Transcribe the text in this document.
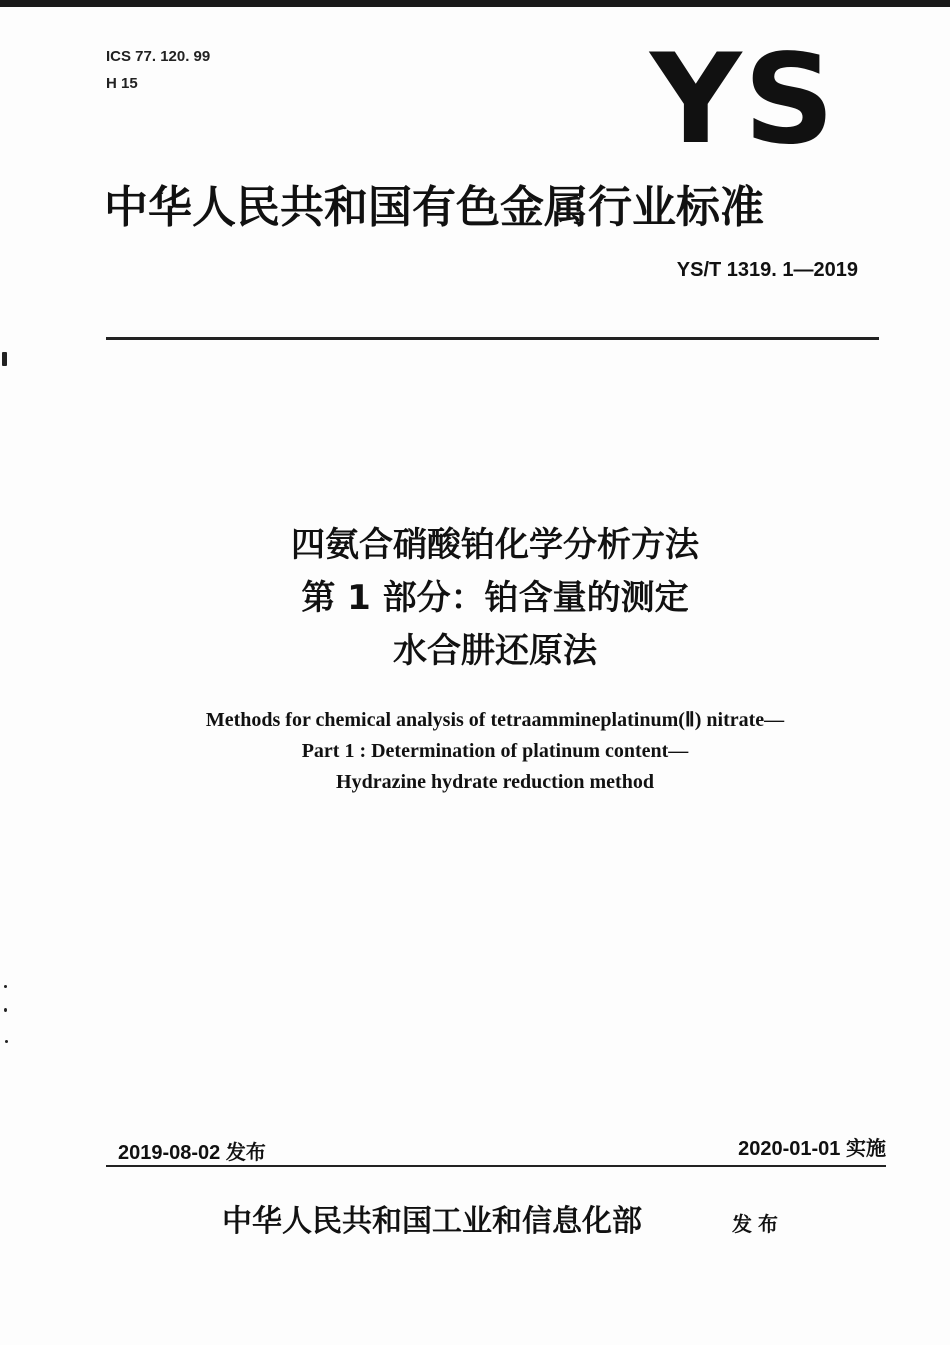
ICS 77. 120. 99
H 15	YS
中华人民共和国有色金属行业标准
YS/T 1319. 1—2019
四氨合硝酸铂化学分析方法
第 1 部分：铂含量的测定
水合肼还原法
Methods for chemical analysis of tetraammineplatinum(Ⅱ) nitrate—
Part 1 : Determination of platinum content—
Hydrazine hydrate reduction method
2019-08-02 发布	2020-01-01 实施
中华人民共和国工业和信息化部	发布
